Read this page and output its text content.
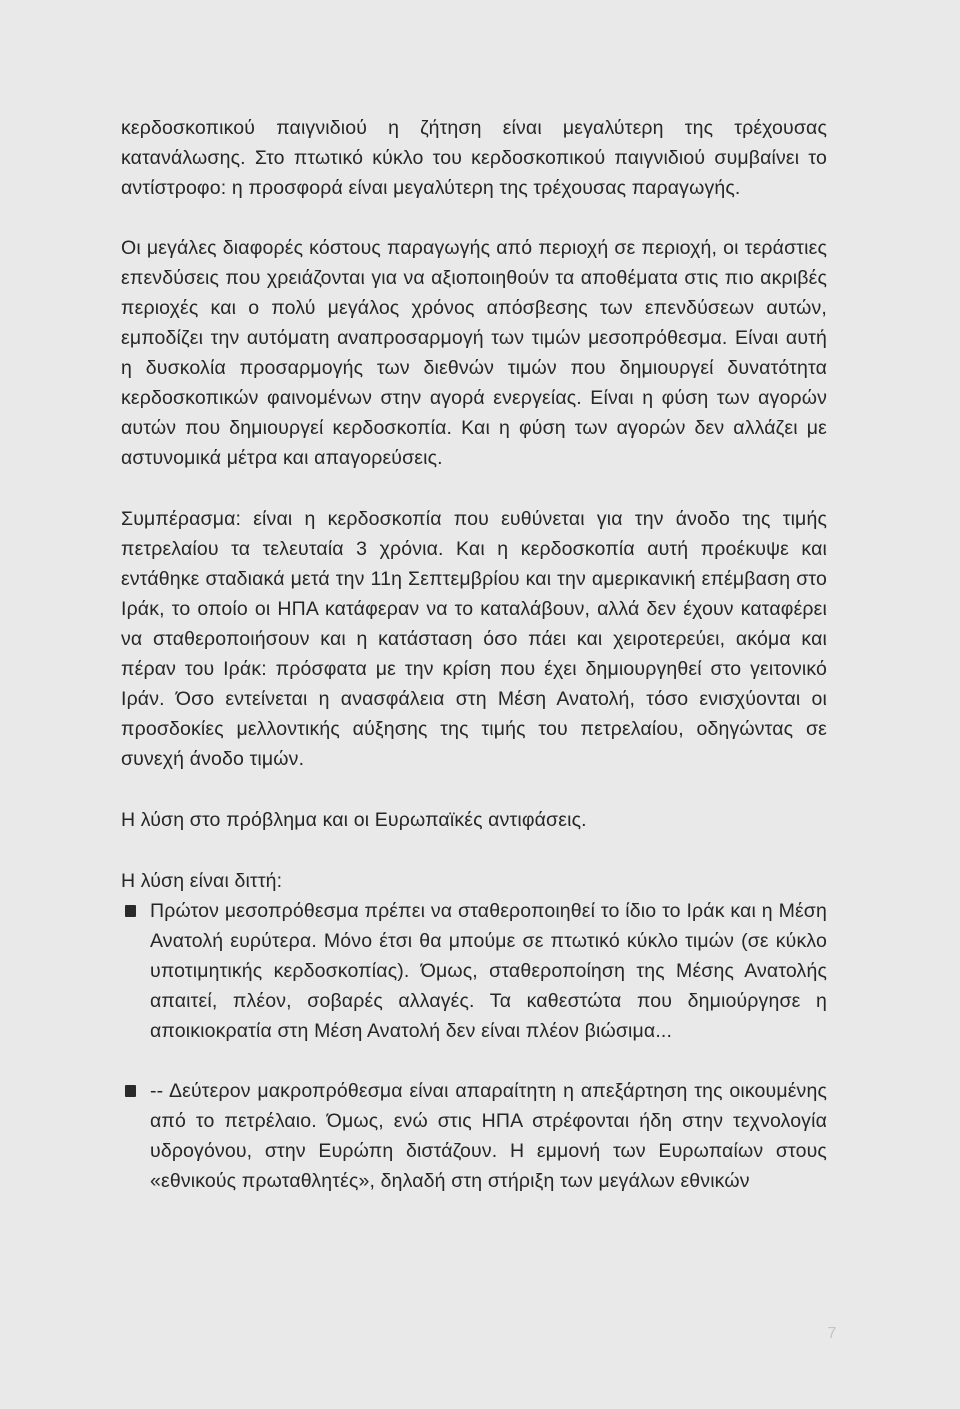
κερδοσκοπικού παιγνιδιού η ζήτηση είναι μεγαλύτερη της τρέχουσας κατανάλωσης. Στο πτωτικό κύκλο του κερδοσκοπικού παιγνιδιού συμβαίνει το αντίστροφο: η προσφορά είναι μεγαλύτερη της τρέχουσας παραγωγής.

Οι μεγάλες διαφορές κόστους παραγωγής από περιοχή σε περιοχή, οι τεράστιες επενδύσεις που χρειάζονται για να αξιοποιηθούν τα αποθέματα στις πιο ακριβές περιοχές και ο πολύ μεγάλος χρόνος απόσβεσης των επενδύσεων αυτών, εμποδίζει την αυτόματη αναπροσαρμογή των τιμών μεσοπρόθεσμα. Είναι αυτή η δυσκολία προσαρμογής των διεθνών τιμών που δημιουργεί δυνατότητα κερδοσκοπικών φαινομένων στην αγορά ενεργείας. Είναι η φύση των αγορών αυτών που δημιουργεί κερδοσκοπία. Και η φύση των αγορών δεν αλλάζει με αστυνομικά μέτρα και απαγορεύσεις.

Συμπέρασμα: είναι η κερδοσκοπία που ευθύνεται για την άνοδο της τιμής πετρελαίου τα τελευταία 3 χρόνια. Και η κερδοσκοπία αυτή προέκυψε και εντάθηκε σταδιακά μετά την 11η Σεπτεμβρίου και την αμερικανική επέμβαση στο Ιράκ, το οποίο οι ΗΠΑ κατάφεραν να το καταλάβουν, αλλά δεν έχουν καταφέρει να σταθεροποιήσουν και η κατάσταση όσο πάει και χειροτερεύει, ακόμα και πέραν του Ιράκ: πρόσφατα με την κρίση που έχει δημιουργηθεί στο γειτονικό Ιράν. Όσο εντείνεται η ανασφάλεια στη Μέση Ανατολή, τόσο ενισχύονται οι προσδοκίες μελλοντικής αύξησης της τιμής του πετρελαίου, οδηγώντας σε συνεχή άνοδο τιμών.

Η λύση στο πρόβλημα και οι Ευρωπαϊκές αντιφάσεις.

Η λύση είναι διττή:

Πρώτον μεσοπρόθεσμα πρέπει να σταθεροποιηθεί το ίδιο το Ιράκ και η Μέση Ανατολή ευρύτερα. Μόνο έτσι θα μπούμε σε πτωτικό κύκλο τιμών (σε κύκλο υποτιμητικής κερδοσκοπίας). Όμως, σταθεροποίηση της Μέσης Ανατολής απαιτεί, πλέον, σοβαρές αλλαγές. Τα καθεστώτα που δημιούργησε η αποικιοκρατία στη Μέση Ανατολή δεν είναι πλέον βιώσιμα...

-- Δεύτερον μακροπρόθεσμα είναι απαραίτητη η απεξάρτηση της οικουμένης από το πετρέλαιο. Όμως, ενώ στις ΗΠΑ στρέφονται ήδη στην τεχνολογία υδρογόνου, στην Ευρώπη διστάζουν. Η εμμονή των Ευρωπαίων στους «εθνικούς πρωταθλητές», δηλαδή στη στήριξη των μεγάλων εθνικών

7
